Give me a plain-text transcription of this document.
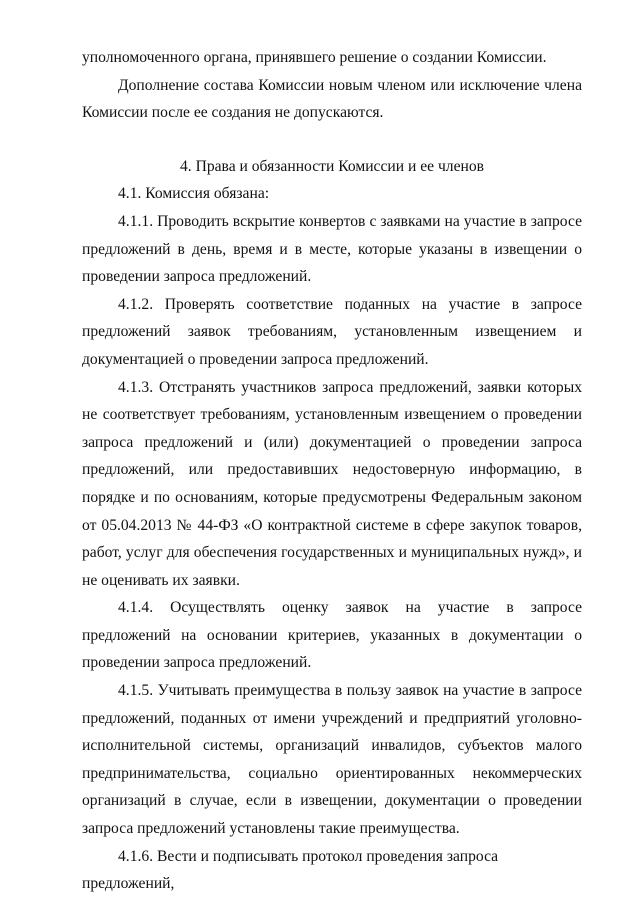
уполномоченного органа, принявшего решение о создании Комиссии.

Дополнение состава Комиссии новым членом или исключение члена Комиссии после ее создания не допускаются.

4. Права и обязанности Комиссии и ее членов

4.1. Комиссия обязана:

4.1.1. Проводить вскрытие конвертов с заявками на участие в запросе предложений в день, время и в месте, которые указаны в извещении о проведении запроса предложений.

4.1.2. Проверять соответствие поданных на участие в запросе предложений заявок требованиям, установленным извещением и документацией о проведении запроса предложений.

4.1.3. Отстранять участников запроса предложений, заявки которых не соответствует требованиям, установленным извещением о проведении запроса предложений и (или) документацией о проведении запроса предложений, или предоставивших недостоверную информацию, в порядке и по основаниям, которые предусмотрены Федеральным законом от 05.04.2013 № 44-ФЗ «О контрактной системе в сфере закупок товаров, работ, услуг для обеспечения государственных и муниципальных нужд», и не оценивать их заявки.

4.1.4. Осуществлять оценку заявок на участие в запросе предложений на основании критериев, указанных в документации о проведении запроса предложений.

4.1.5. Учитывать преимущества в пользу заявок на участие в запросе предложений, поданных от имени учреждений и предприятий уголовно-исполнительной системы, организаций инвалидов, субъектов малого предпринимательства, социально ориентированных некоммерческих организаций в случае, если в извещении, документации о проведении запроса предложений установлены такие преимущества.

4.1.6. Вести и подписывать протокол проведения запроса предложений,
